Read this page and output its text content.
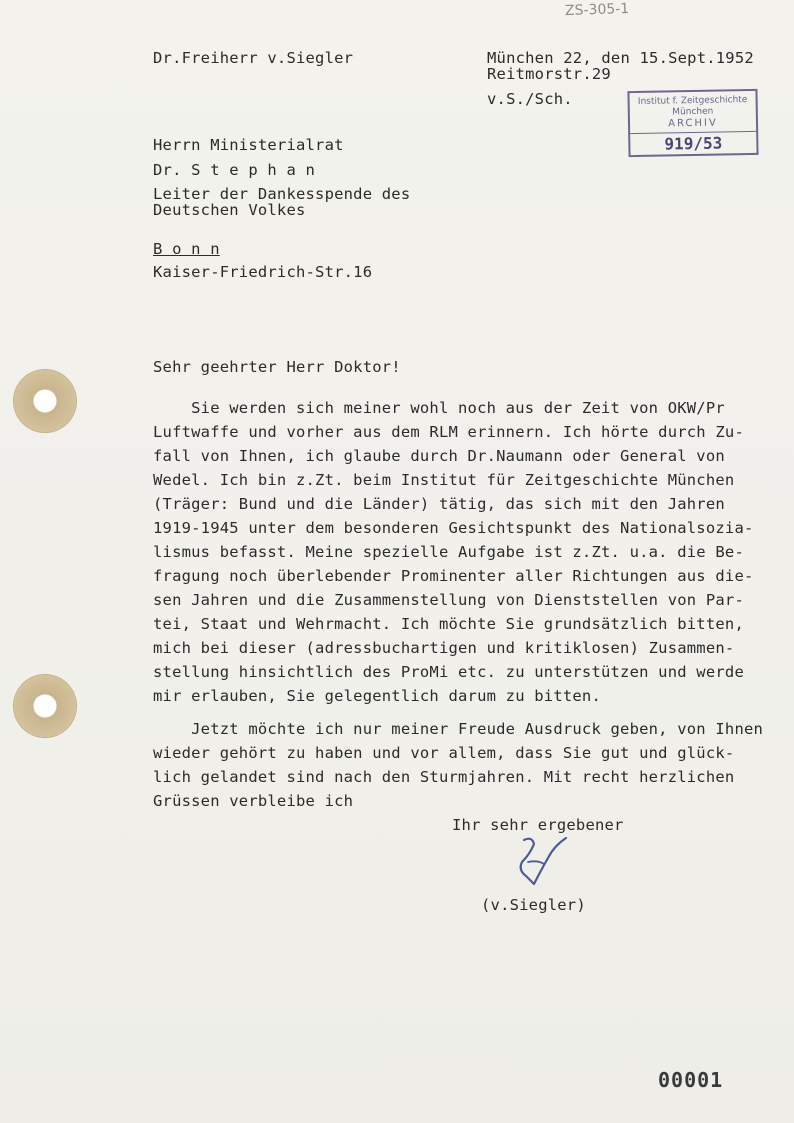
ZS-305-1
Dr.Freiherr v.Siegler	München 22, den 15.Sept.1952
Reitmorstr.29
v.S./Sch.	Institut f. Zeitgeschichte
München
ARCHIV
919/53
Herrn Ministerialrat
Dr. S t e p h a n
Leiter der Dankesspende des
Deutschen Volkes
B o n n
Kaiser-Friedrich-Str.16
Sehr geehrter Herr Doktor!
Sie werden sich meiner wohl noch aus der Zeit von OKW/Pr
Luftwaffe und vorher aus dem RLM erinnern. Ich hörte durch Zu-
fall von Ihnen, ich glaube durch Dr.Naumann oder General von
Wedel. Ich bin z.Zt. beim Institut für Zeitgeschichte München
(Träger: Bund und die Länder) tätig, das sich mit den Jahren
1919-1945 unter dem besonderen Gesichtspunkt des Nationalsozia-
lismus befasst. Meine spezielle Aufgabe ist z.Zt. u.a. die Be-
fragung noch überlebender Prominenter aller Richtungen aus die-
sen Jahren und die Zusammenstellung von Dienststellen von Par-
tei, Staat und Wehrmacht. Ich möchte Sie grundsätzlich bitten,
mich bei dieser (adressbuchartigen und kritiklosen) Zusammen-
stellung hinsichtlich des ProMi etc. zu unterstützen und werde
mir erlauben, Sie gelegentlich darum zu bitten.
Jetzt möchte ich nur meiner Freude Ausdruck geben, von Ihnen
wieder gehört zu haben und vor allem, dass Sie gut und glück-
lich gelandet sind nach den Sturmjahren. Mit recht herzlichen
Grüssen verbleibe ich
Ihr sehr ergebener
(v.Siegler)
00001
